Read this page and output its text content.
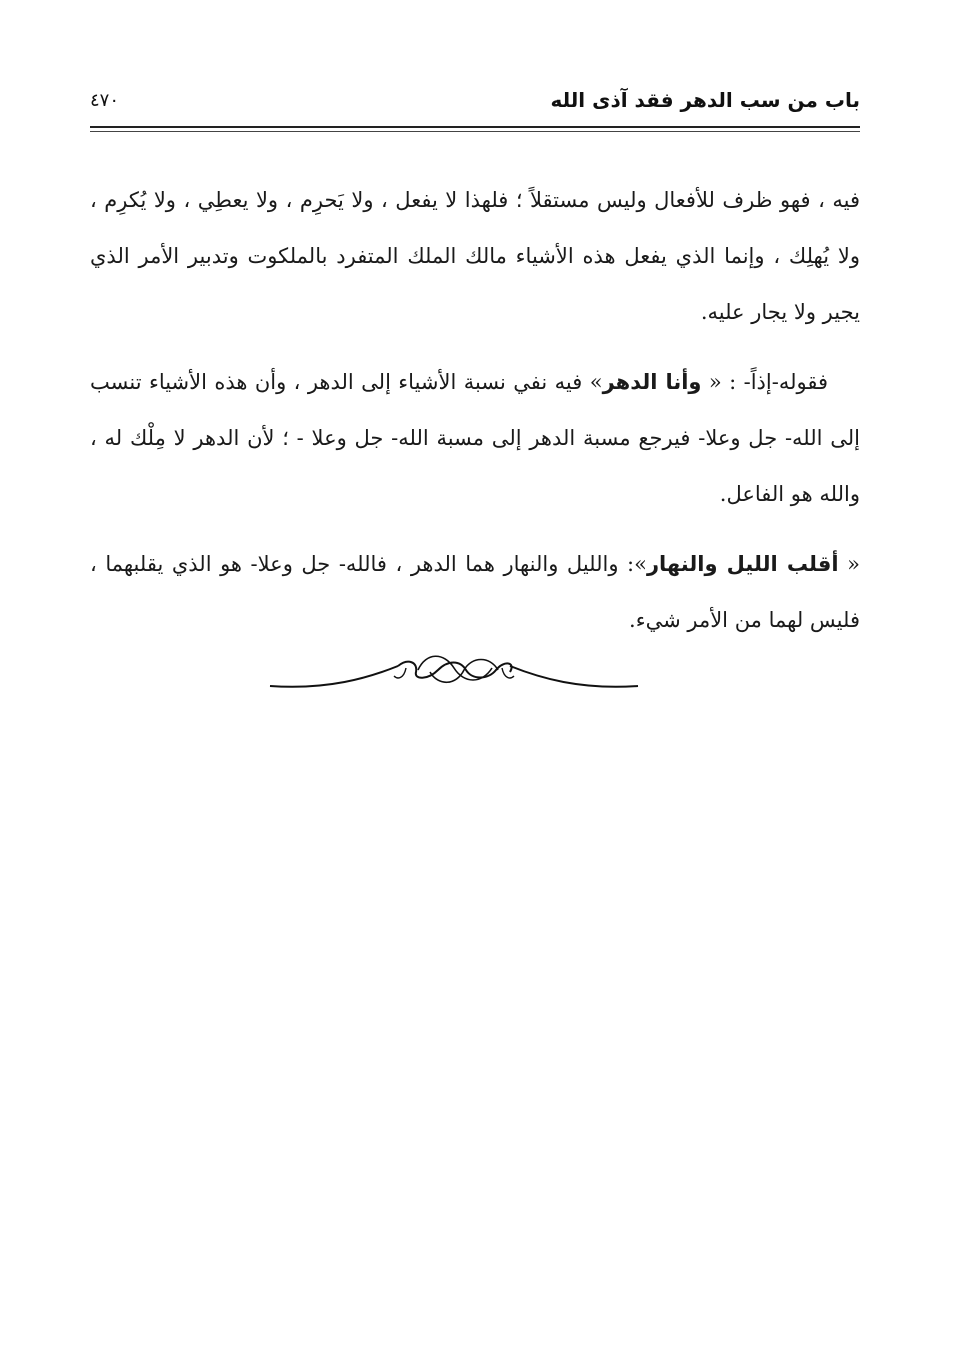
باب من سب الدهر فقد آذى الله
٤٧٠

فيه ، فهو ظرف للأفعال وليس مستقلاً ؛ فلهذا لا يفعل ، ولا يَحرِم ، ولا يعطِي ، ولا يُكرِم ، ولا يُهلِك ، وإنما الذي يفعل هذه الأشياء مالك الملك المتفرد بالملكوت وتدبير الأمر الذي يجير ولا يجار عليه.

فقوله-إذاً- : « وأنا الدهر» فيه نفي نسبة الأشياء إلى الدهر ، وأن هذه الأشياء تنسب إلى الله- جل وعلا- فيرجع مسبة الدهر إلى مسبة الله- جل وعلا - ؛ لأن الدهر لا مِلْك له ، والله هو الفاعل.

« أقلب الليل والنهار»: والليل والنهار هما الدهر ، فالله- جل وعلا- هو الذي يقلبهما ، فليس لهما من الأمر شيء.
